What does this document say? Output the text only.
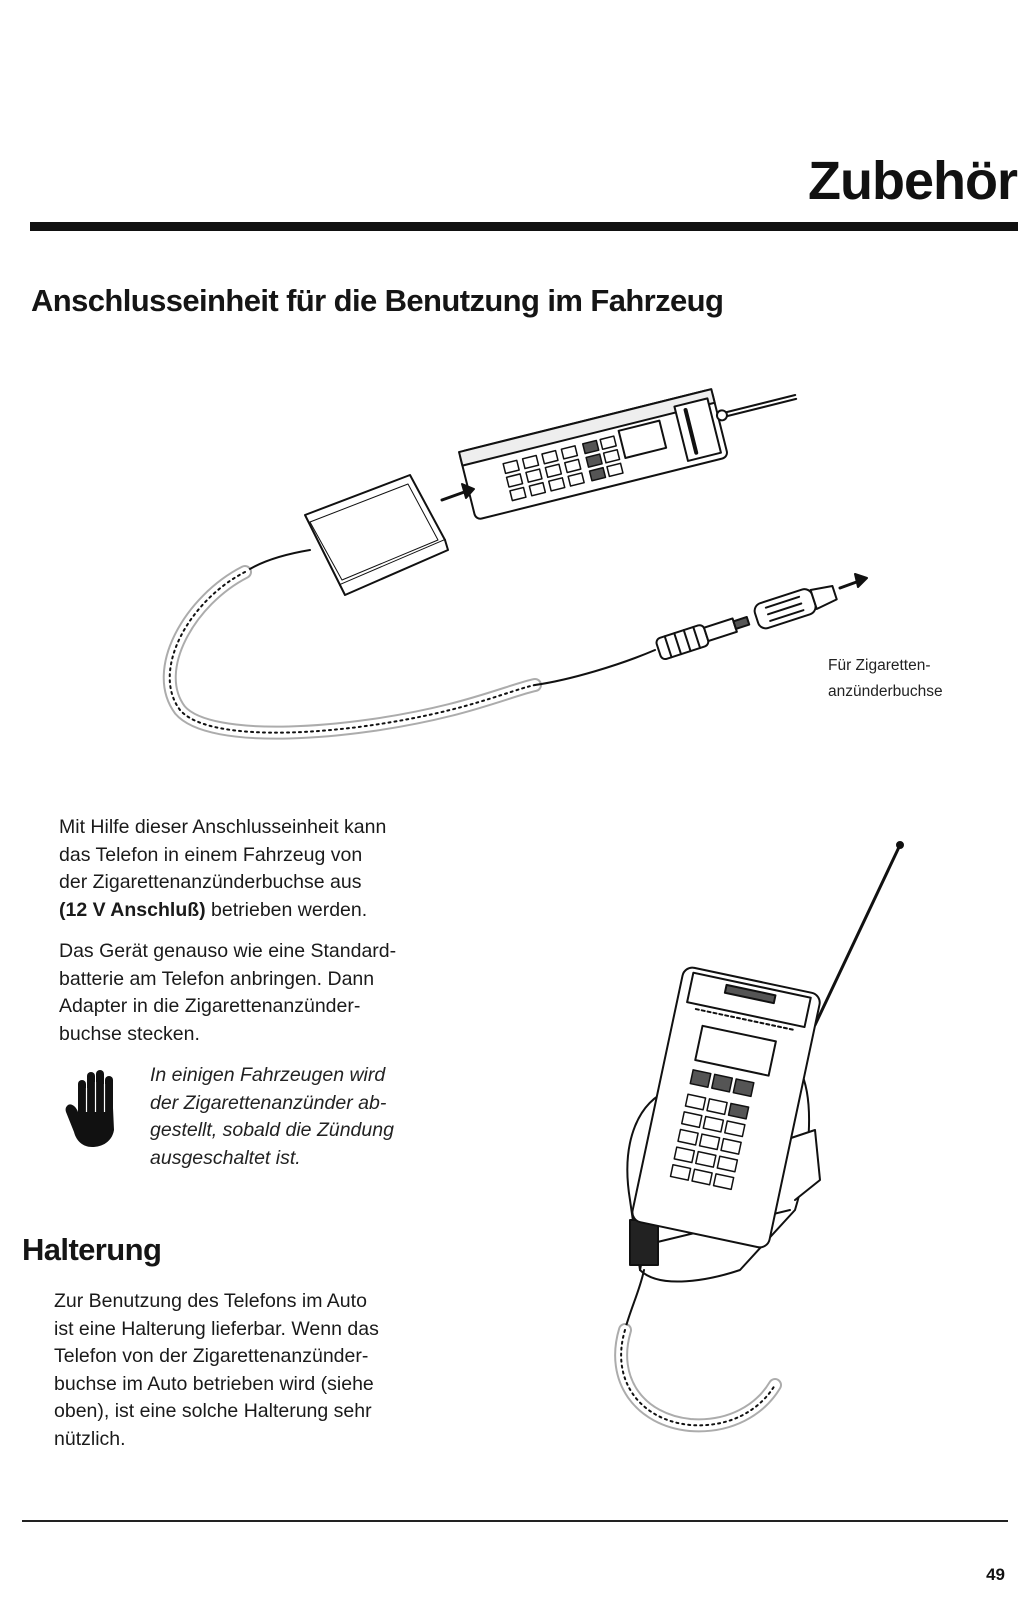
Zubehör
Anschlusseinheit für die Benutzung im Fahrzeug
Für Zigaretten-
anzünderbuchse
Mit Hilfe dieser Anschlusseinheit kann
das Telefon in einem Fahrzeug von
der Zigarettenanzünderbuchse aus
(12 V Anschluß) betrieben werden.
Das Gerät genauso wie eine Standard-
batterie am Telefon anbringen. Dann
Adapter in die Zigarettenanzünder-
buchse stecken.
In einigen Fahrzeugen wird
der Zigarettenanzünder ab-
gestellt, sobald die Zündung
ausgeschaltet ist.
Halterung
Zur Benutzung des Telefons im Auto
ist eine Halterung lieferbar. Wenn das
Telefon von der Zigarettenanzünder-
buchse im Auto betrieben wird (siehe
oben), ist eine solche Halterung sehr
nützlich.
49
